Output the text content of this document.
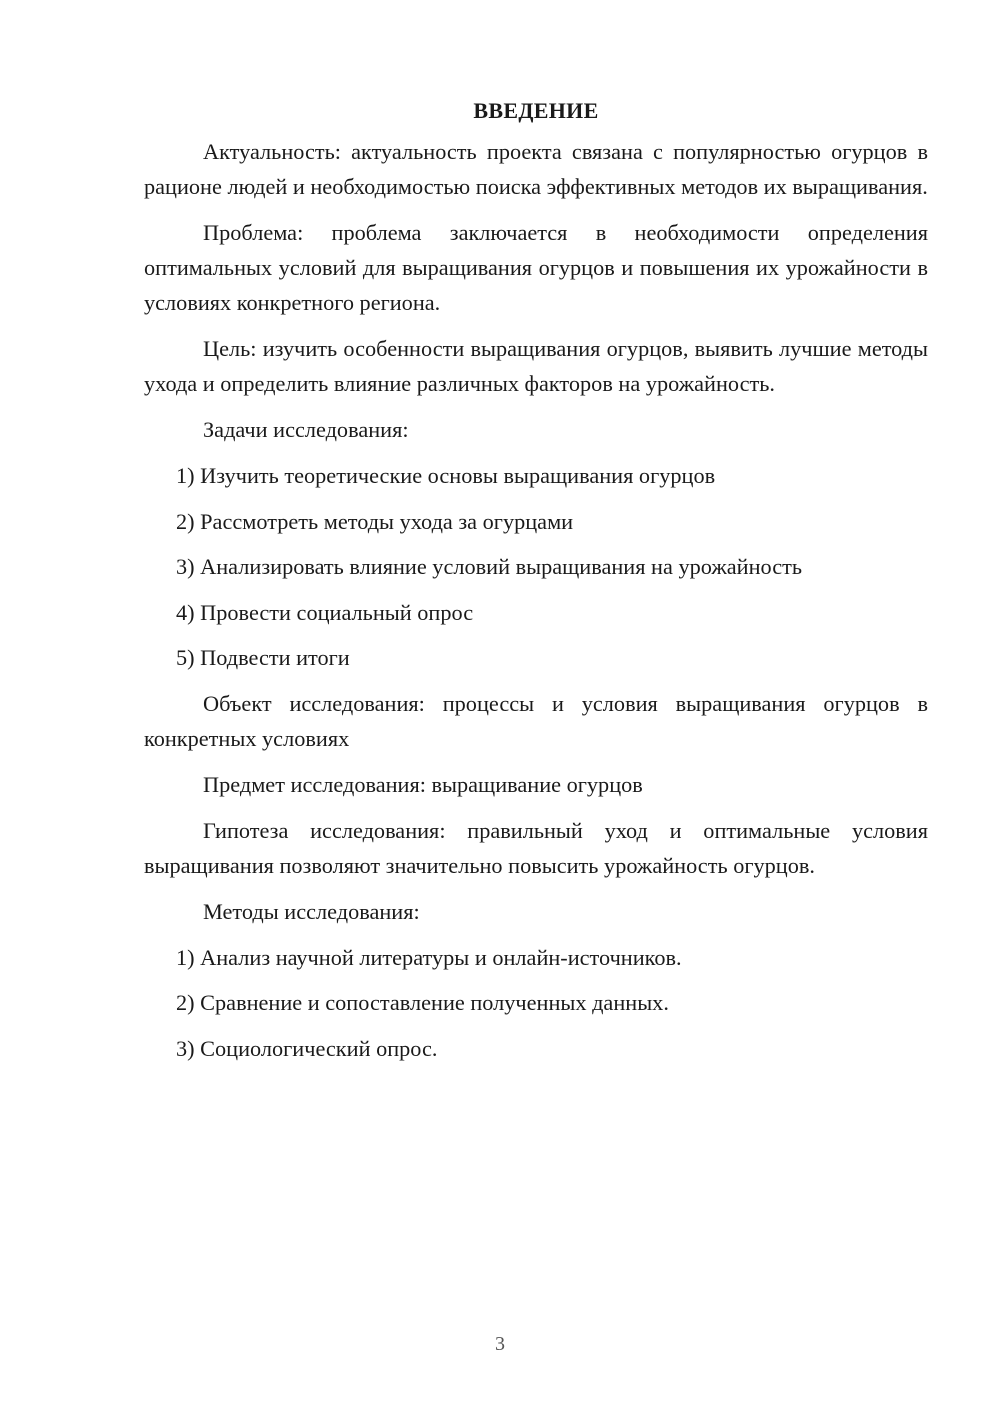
ВВЕДЕНИЕ

Актуальность: актуальность проекта связана с популярностью огурцов в рационе людей и необходимостью поиска эффективных методов их выращивания.

Проблема: проблема заключается в необходимости определения оптимальных условий для выращивания огурцов и повышения их урожайности в условиях конкретного региона.

Цель: изучить особенности выращивания огурцов, выявить лучшие методы ухода и определить влияние различных факторов на урожайность.

Задачи исследования:

1) Изучить теоретические основы выращивания огурцов
2) Рассмотреть методы ухода за огурцами
3) Анализировать влияние условий выращивания на урожайность
4) Провести социальный опрос
5) Подвести итоги

Объект исследования: процессы и условия выращивания огурцов в конкретных условиях

Предмет исследования: выращивание огурцов

Гипотеза исследования: правильный уход и оптимальные условия выращивания позволяют значительно повысить урожайность огурцов.

Методы исследования:

1) Анализ научной литературы и онлайн-источников.
2) Сравнение и сопоставление полученных данных.
3) Социологический опрос.
3
